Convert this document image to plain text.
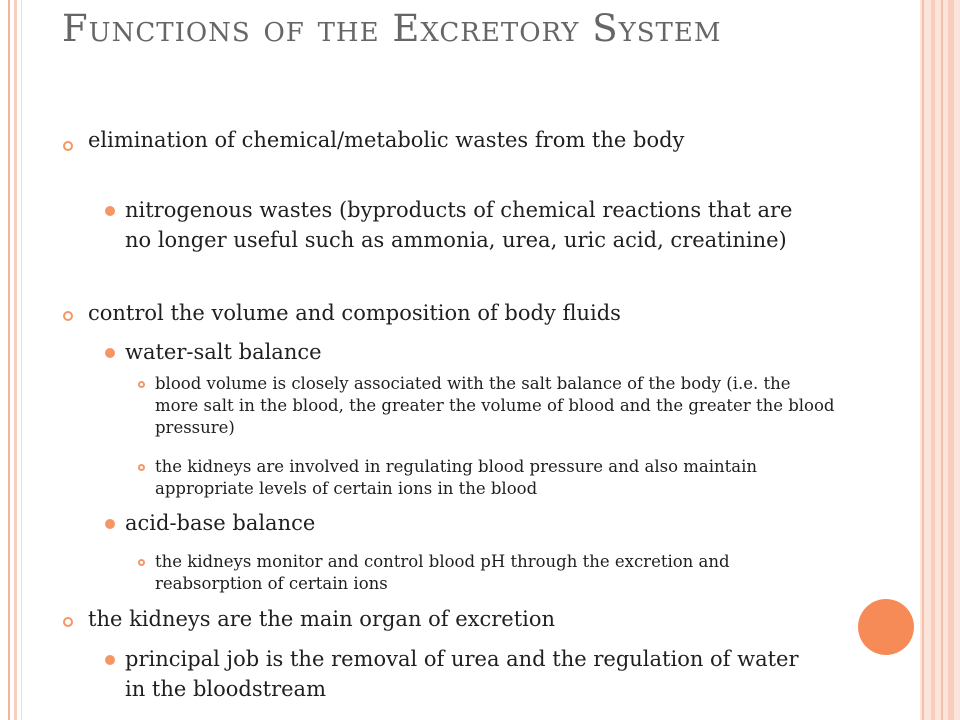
Functions of the Excretory System
elimination of chemical/metabolic wastes from the body
nitrogenous wastes (byproducts of chemical reactions that are no longer useful such as ammonia, urea, uric acid, creatinine)
control the volume and composition of body fluids
water-salt balance
blood volume is closely associated with the salt balance of the body (i.e. the more salt in the blood, the greater the volume of blood and the greater the blood pressure)
the kidneys are involved in regulating blood pressure and also maintain appropriate levels of certain ions in the blood
acid-base balance
the kidneys monitor and control blood pH through the excretion and reabsorption of certain ions
the kidneys are the main organ of excretion
principal job is the removal of urea and the regulation of water in the bloodstream
